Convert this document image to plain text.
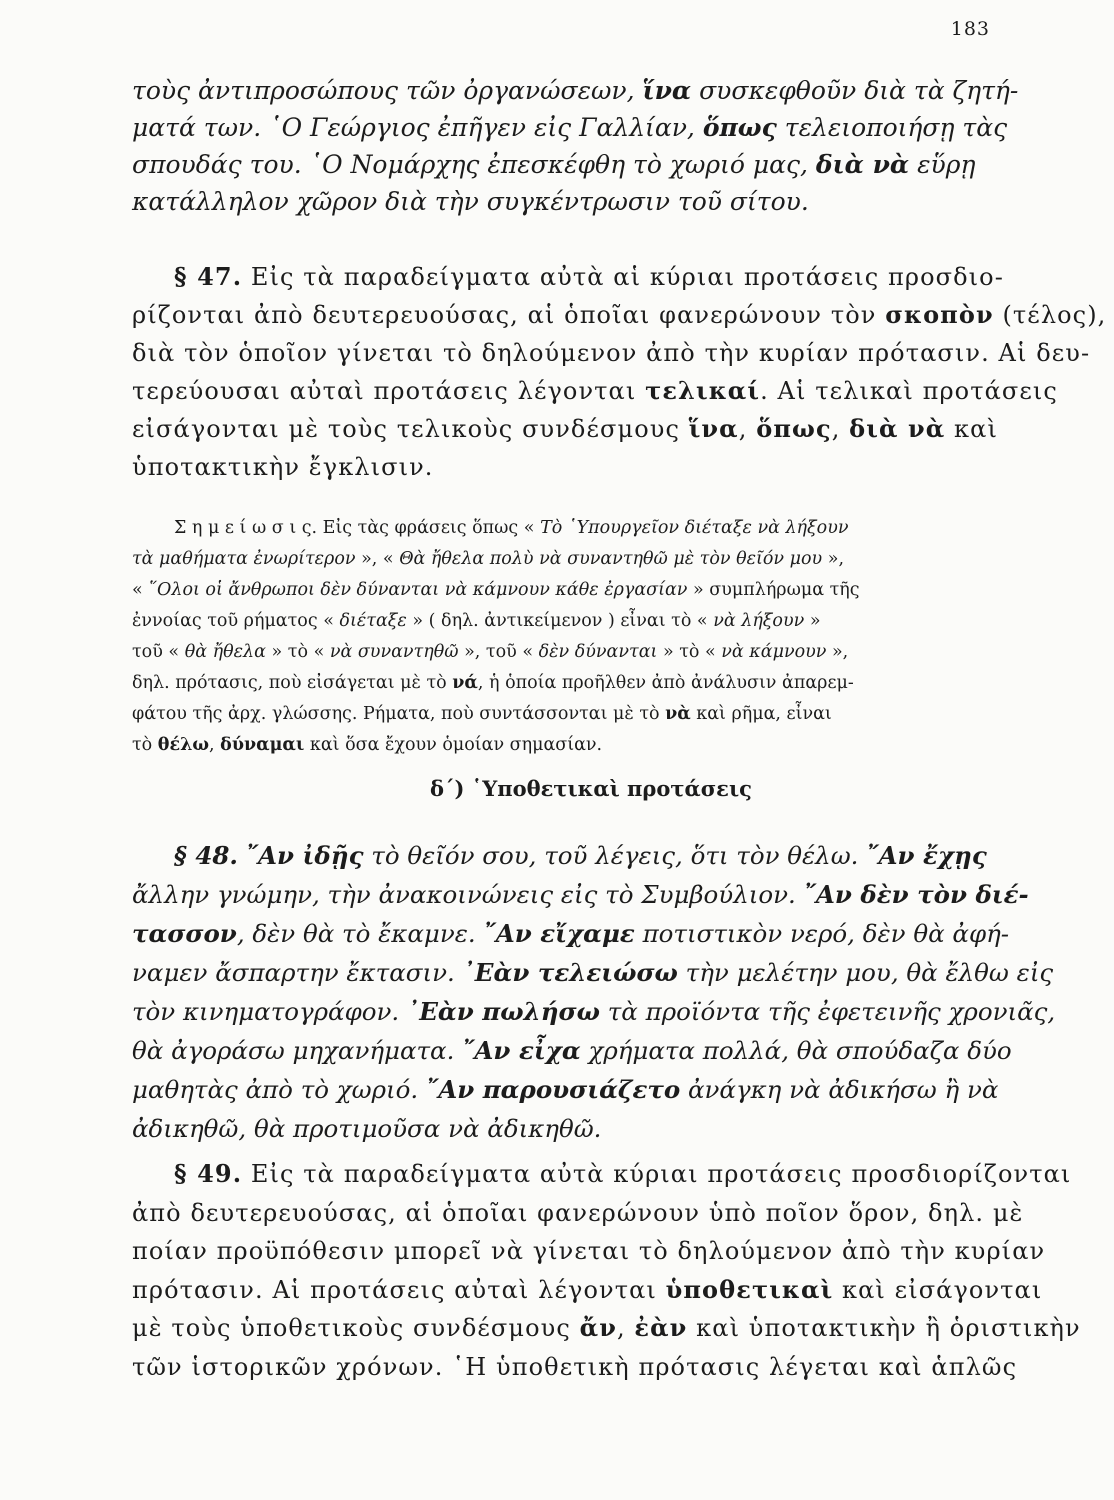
183
τοὺς ἀντιπροσώπους τῶν ὀργανώσεων, ἵνα συσκεφθοῦν διὰ τὰ ζητή-
ματά των. ῾Ο Γεώργιος ἐπῆγεν εἰς Γαλλίαν, ὅπως τελειοποιήσῃ τὰς
σπουδάς του. ῾Ο Νομάρχης ἐπεσκέφθη τὸ χωριό μας, διὰ νὰ εὕρῃ
κατάλληλον χῶρον διὰ τὴν συγκέντρωσιν τοῦ σίτου.
§ 47. Εἰς τὰ παραδείγματα αὐτὰ αἱ κύριαι προτάσεις προσδιο-
ρίζονται ἀπὸ δευτερευούσας, αἱ ὁποῖαι φανερώνουν τὸν σκοπὸν (τέλος),
διὰ τὸν ὁποῖον γίνεται τὸ δηλούμενον ἀπὸ τὴν κυρίαν πρότασιν. Αἱ δευ-
τερεύουσαι αὐταὶ προτάσεις λέγονται τελικαί. Αἱ τελικαὶ προτάσεις
εἰσάγονται μὲ τοὺς τελικοὺς συνδέσμους ἵνα, ὅπως, διὰ νὰ καὶ
ὑποτακτικὴν ἔγκλισιν.
Σ η μ ε ί ω σ ι ς. Εἰς τὰς φράσεις ὅπως « Τὸ ῾Υπουργεῖον διέταξε νὰ λήξουν
τὰ μαθήματα ἐνωρίτερον », « Θὰ ἤθελα πολὺ νὰ συναντηθῶ μὲ τὸν θεῖόν μου »,
« ῞Ολοι οἱ ἄνθρωποι δὲν δύνανται νὰ κάμνουν κάθε ἐργασίαν » συμπλήρωμα τῆς
ἐννοίας τοῦ ρήματος « διέταξε » ( δηλ. ἀντικείμενον ) εἶναι τὸ « νὰ λήξουν »
τοῦ « θὰ ἤθελα » τὸ « νὰ συναντηθῶ », τοῦ « δὲν δύνανται » τὸ « νὰ κάμνουν »,
δηλ. πρότασις, ποὺ εἰσάγεται μὲ τὸ νά, ἡ ὁποία προῆλθεν ἀπὸ ἀνάλυσιν ἀπαρεμ-
φάτου τῆς ἀρχ. γλώσσης. Ρήματα, ποὺ συντάσσονται μὲ τὸ νὰ καὶ ρῆμα, εἶναι
τὸ θέλω, δύναμαι καὶ ὅσα ἔχουν ὁμοίαν σημασίαν.
δ΄) ῾Υποθετικαὶ προτάσεις
§ 48. ῎Αν ἰδῇς τὸ θεῖόν σου, τοῦ λέγεις, ὅτι τὸν θέλω. ῎Αν ἔχῃς
ἄλλην γνώμην, τὴν ἀνακοινώνεις εἰς τὸ Συμβούλιον. ῎Αν δὲν τὸν διέ-
τασσον, δὲν θὰ τὸ ἔκαμνε. ῎Αν εἴχαμε ποτιστικὸν νερό, δὲν θὰ ἀφή-
ναμεν ἄσπαρτην ἔκτασιν. ᾽Εὰν τελειώσω τὴν μελέτην μου, θὰ ἔλθω εἰς
τὸν κινηματογράφον. ᾽Εὰν πωλήσω τὰ προϊόντα τῆς ἐφετεινῆς χρονιᾶς,
θὰ ἀγοράσω μηχανήματα. ῎Αν εἶχα χρήματα πολλά, θὰ σπούδαζα δύο
μαθητὰς ἀπὸ τὸ χωριό. ῎Αν παρουσιάζετο ἀνάγκη νὰ ἀδικήσω ἢ νὰ
ἀδικηθῶ, θὰ προτιμοῦσα νὰ ἀδικηθῶ.
§ 49. Εἰς τὰ παραδείγματα αὐτὰ κύριαι προτάσεις προσδιορίζονται
ἀπὸ δευτερευούσας, αἱ ὁποῖαι φανερώνουν ὑπὸ ποῖον ὅρον, δηλ. μὲ
ποίαν προϋπόθεσιν μπορεῖ νὰ γίνεται τὸ δηλούμενον ἀπὸ τὴν κυρίαν
πρότασιν. Αἱ προτάσεις αὐταὶ λέγονται ὑποθετικαὶ καὶ εἰσάγονται
μὲ τοὺς ὑποθετικοὺς συνδέσμους ἄν, ἐὰν καὶ ὑποτακτικὴν ἢ ὁριστικὴν
τῶν ἱστορικῶν χρόνων. ῾Η ὑποθετικὴ πρότασις λέγεται καὶ ἁπλῶς
